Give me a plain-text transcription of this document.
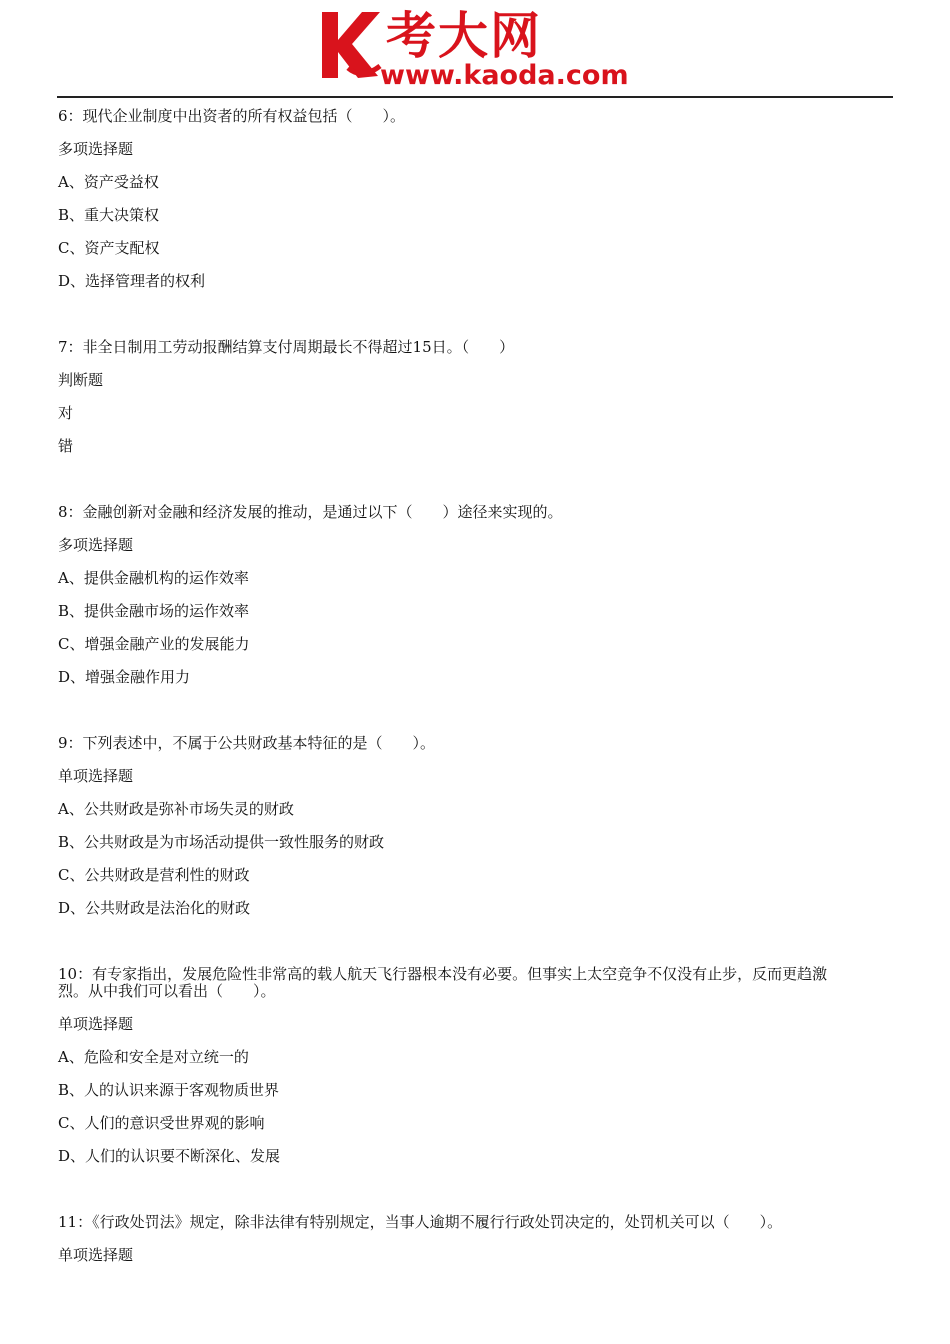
考大网
www.kaoda.com
6：现代企业制度中出资者的所有权益包括（　　）。
多项选择题
A、资产受益权
B、重大决策权
C、资产支配权
D、选择管理者的权利
7：非全日制用工劳动报酬结算支付周期最长不得超过15日。（　　）
判断题
对
错
8：金融创新对金融和经济发展的推动，是通过以下（　　）途径来实现的。
多项选择题
A、提供金融机构的运作效率
B、提供金融市场的运作效率
C、增强金融产业的发展能力
D、增强金融作用力
9：下列表述中，不属于公共财政基本特征的是（　　）。
单项选择题
A、公共财政是弥补市场失灵的财政
B、公共财政是为市场活动提供一致性服务的财政
C、公共财政是营利性的财政
D、公共财政是法治化的财政
10：有专家指出，发展危险性非常高的载人航天飞行器根本没有必要。但事实上太空竞争不仅没有止步，反而更趋激
烈。从中我们可以看出（　　）。
单项选择题
A、危险和安全是对立统一的
B、人的认识来源于客观物质世界
C、人们的意识受世界观的影响
D、人们的认识要不断深化、发展
11：《行政处罚法》规定，除非法律有特别规定，当事人逾期不履行行政处罚决定的，处罚机关可以（　　）。
单项选择题
